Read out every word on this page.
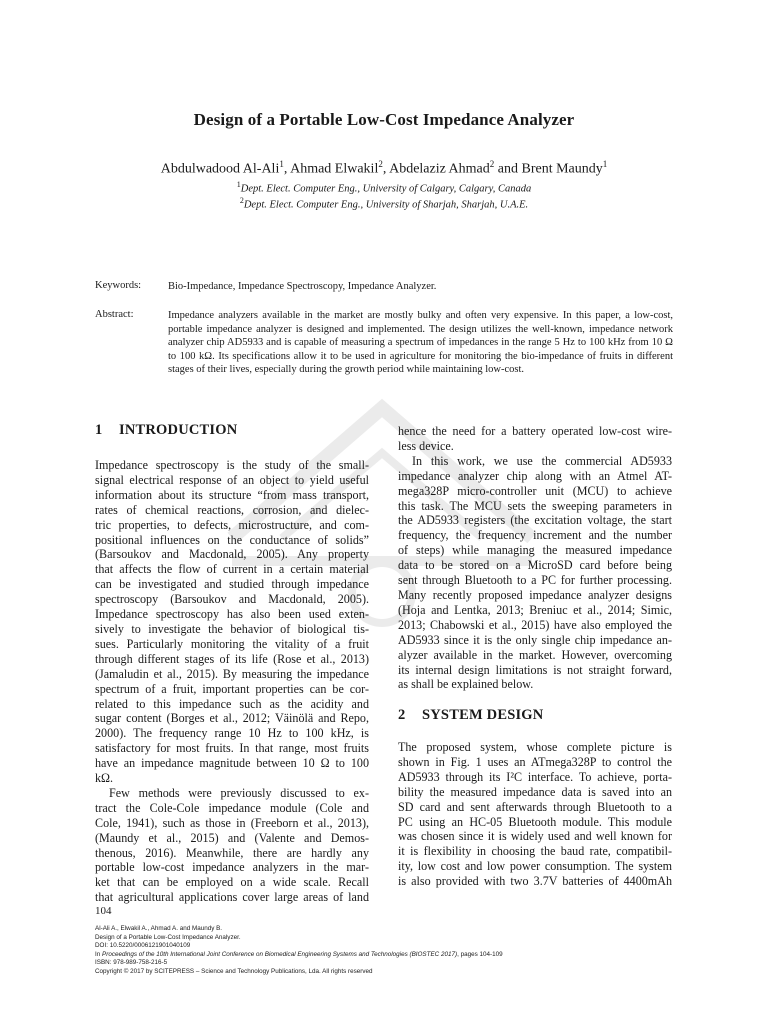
Design of a Portable Low-Cost Impedance Analyzer
Abdulwadood Al-Ali$^1$, Ahmad Elwakil$^2$, Abdelaziz Ahmad$^2$ and Brent Maundy$^1$
$^1$Dept. Elect. Computer Eng., University of Calgary, Calgary, Canada
$^2$Dept. Elect. Computer Eng., University of Sharjah, Sharjah, U.A.E.
Keywords:	Bio-Impedance, Impedance Spectroscopy, Impedance Analyzer.
Abstract:	Impedance analyzers available in the market are mostly bulky and often very expensive. In this paper, a low-cost, portable impedance analyzer is designed and implemented. The design utilizes the well-known, impedance network analyzer chip AD5933 and is capable of measuring a spectrum of impedances in the range 5 Hz to 100 kHz from 10 Ω to 100 kΩ. Its specifications allow it to be used in agriculture for monitoring the bio-impedance of fruits in different stages of their lives, especially during the growth period while maintaining low-cost.
1 INTRODUCTION
Impedance spectroscopy is the study of the small-
signal electrical response of an object to yield useful
information about its structure “from mass transport,
rates of chemical reactions, corrosion, and dielec-
tric properties, to defects, microstructure, and com-
positional influences on the conductance of solids”
(Barsoukov and Macdonald, 2005). Any property
that affects the flow of current in a certain material
can be investigated and studied through impedance
spectroscopy (Barsoukov and Macdonald, 2005).
Impedance spectroscopy has also been used exten-
sively to investigate the behavior of biological tis-
sues. Particularly monitoring the vitality of a fruit
through different stages of its life (Rose et al., 2013)
(Jamaludin et al., 2015). By measuring the impedance
spectrum of a fruit, important properties can be cor-
related to this impedance such as the acidity and
sugar content (Borges et al., 2012; Väinölä and Repo,
2000). The frequency range 10 Hz to 100 kHz, is
satisfactory for most fruits. In that range, most fruits
have an impedance magnitude between 10 Ω to 100
kΩ.
Few methods were previously discussed to ex-
tract the Cole-Cole impedance module (Cole and
Cole, 1941), such as those in (Freeborn et al., 2013),
(Maundy et al., 2015) and (Valente and Demos-
thenous, 2016). Meanwhile, there are hardly any
portable low-cost impedance analyzers in the mar-
ket that can be employed on a wide scale. Recall
that agricultural applications cover large areas of land
hence the need for a battery operated low-cost wire-
less device.
In this work, we use the commercial AD5933
impedance analyzer chip along with an Atmel AT-
mega328P micro-controller unit (MCU) to achieve
this task. The MCU sets the sweeping parameters in
the AD5933 registers (the excitation voltage, the start
frequency, the frequency increment and the number
of steps) while managing the measured impedance
data to be stored on a MicroSD card before being
sent through Bluetooth to a PC for further processing.
Many recently proposed impedance analyzer designs
(Hoja and Lentka, 2013; Breniuc et al., 2014; Simic,
2013; Chabowski et al., 2015) have also employed the
AD5933 since it is the only single chip impedance an-
alyzer available in the market. However, overcoming
its internal design limitations is not straight forward,
as shall be explained below.
2 SYSTEM DESIGN
The proposed system, whose complete picture is
shown in Fig. 1 uses an ATmega328P to control the
AD5933 through its I²C interface. To achieve, porta-
bility the measured impedance data is saved into an
SD card and sent afterwards through Bluetooth to a
PC using an HC-05 Bluetooth module. This module
was chosen since it is widely used and well known for
it is flexibility in choosing the baud rate, compatibil-
ity, low cost and low power consumption. The system
is also provided with two 3.7V batteries of 4400mAh
104
Al-Ali A., Elwakil A., Ahmad A. and Maundy B.
Design of a Portable Low-Cost Impedance Analyzer.
DOI: 10.5220/0006121901040109
In Proceedings of the 10th International Joint Conference on Biomedical Engineering Systems and Technologies (BIOSTEC 2017), pages 104-109
ISBN: 978-989-758-216-5
Copyright © 2017 by SCITEPRESS – Science and Technology Publications, Lda. All rights reserved
